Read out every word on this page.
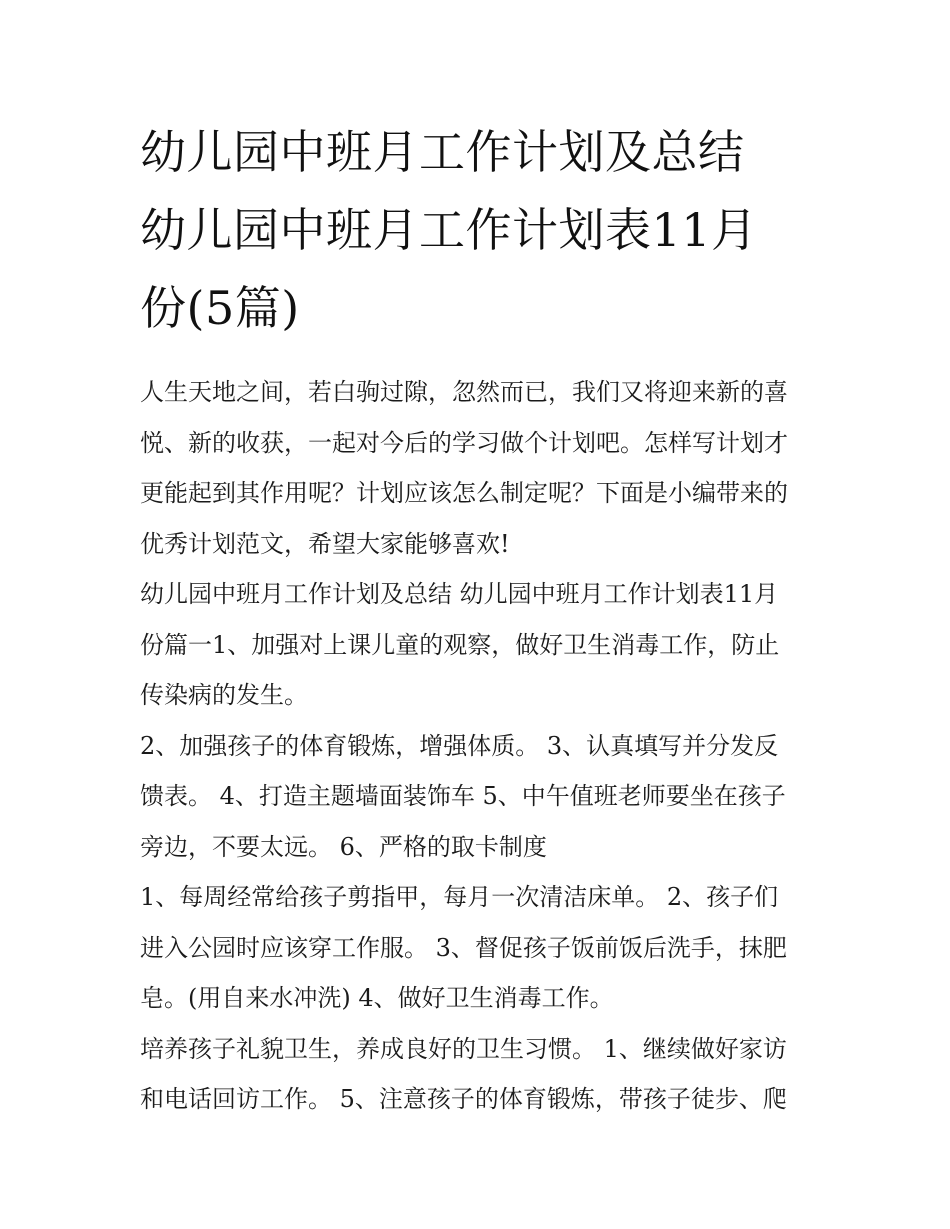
幼儿园中班月工作计划及总结
幼儿园中班月工作计划表11月
份(5篇)

人生天地之间，若白驹过隙，忽然而已，我们又将迎来新的喜
悦、新的收获，一起对今后的学习做个计划吧。怎样写计划才
更能起到其作用呢？计划应该怎么制定呢？下面是小编带来的
优秀计划范文，希望大家能够喜欢!

幼儿园中班月工作计划及总结 幼儿园中班月工作计划表11月
份篇一1、加强对上课儿童的观察，做好卫生消毒工作，防止
传染病的发生。

2、加强孩子的体育锻炼，增强体质。 3、认真填写并分发反
馈表。 4、打造主题墙面装饰车 5、中午值班老师要坐在孩子
旁边，不要太远。 6、严格的取卡制度

1、每周经常给孩子剪指甲，每月一次清洁床单。 2、孩子们
进入公园时应该穿工作服。 3、督促孩子饭前饭后洗手，抹肥
皂。(用自来水冲洗) 4、做好卫生消毒工作。

培养孩子礼貌卫生，养成良好的卫生习惯。 1、继续做好家访
和电话回访工作。 5、注意孩子的体育锻炼，带孩子徒步、爬
